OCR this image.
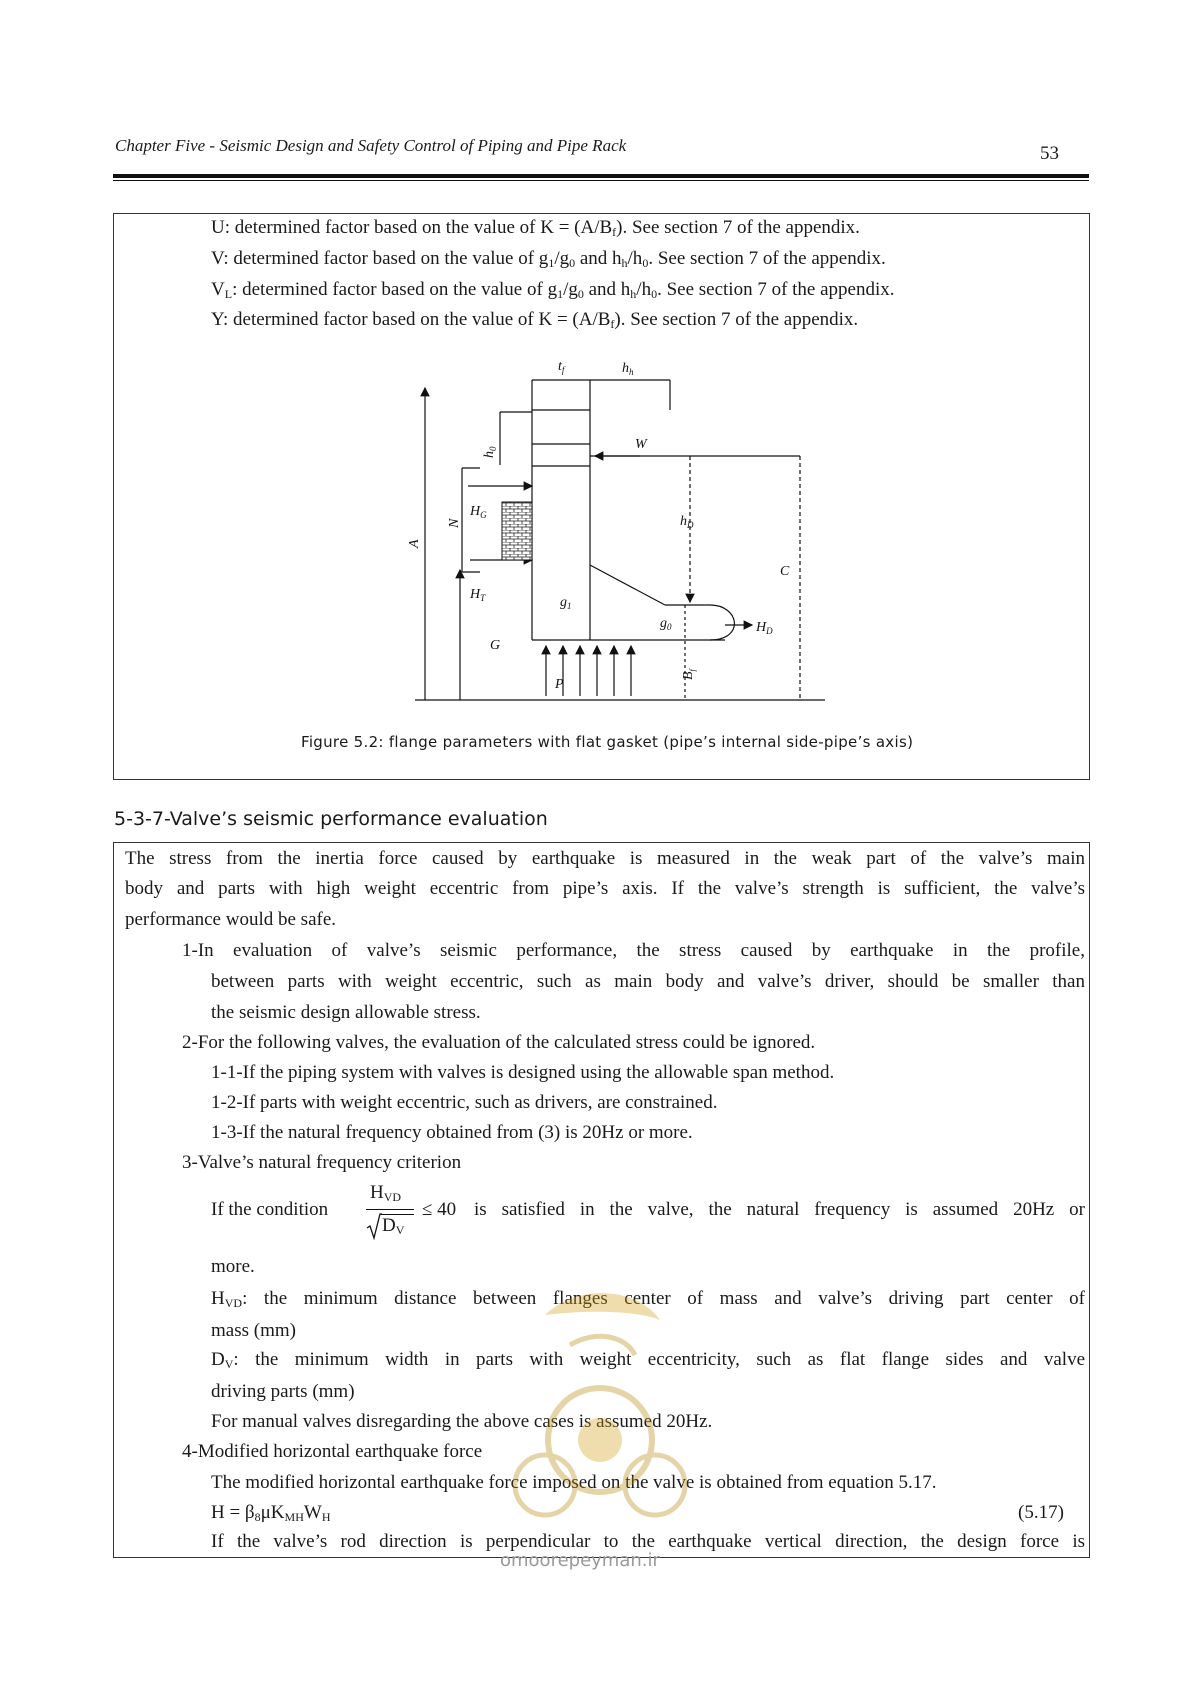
Chapter Five - Seismic Design and Safety Control of Piping and Pipe Rack	53
U: determined factor based on the value of $K = (A/B_f)$. See section 7 of the appendix.
V: determined factor based on the value of $g_1/g_0$ and $h_h/h_0$. See section 7 of the appendix.
$V_L$: determined factor based on the value of $g_1/g_0$ and $h_h/h_0$. See section 7 of the appendix.
Y: determined factor based on the value of $K = (A/B_f)$. See section 7 of the appendix.
$t_f$	$h_h$
W
$h_0$
$H_G$
N
A
$h_D$
C
$H_T$	$g_1$
$g_0$	$H_D$
G
P
$B_f$
Figure 5.2: flange parameters with flat gasket (pipe’s internal side-pipe’s axis)
5-3-7-Valve’s seismic performance evaluation
The stress from the inertia force caused by earthquake is measured in the weak part of the valve’s main
body and parts with high weight eccentric from pipe’s axis. If the valve’s strength is sufficient, the valve’s
performance would be safe.
1-In evaluation of valve’s seismic performance, the stress caused by earthquake in the profile,
between parts with weight eccentric, such as main body and valve’s driver, should be smaller than
the seismic design allowable stress.
2-For the following valves, the evaluation of the calculated stress could be ignored.
1-1-If the piping system with valves is designed using the allowable span method.
1-2-If parts with weight eccentric, such as drivers, are constrained.
1-3-If the natural frequency obtained from (3) is 20Hz or more.
3-Valve’s natural frequency criterion
If the condition
$H_{VD}$
$D_V$
≤ 40 is satisfied in the valve, the natural frequency is assumed 20Hz or
more.
$H_{VD}$: the minimum distance between flanges center of mass and valve’s driving part center of
mass (mm)
$D_V$: the minimum width in parts with weight eccentricity, such as flat flange sides and valve
driving parts (mm)
For manual valves disregarding the above cases is assumed 20Hz.
4-Modified horizontal earthquake force
The modified horizontal earthquake force imposed on the valve is obtained from equation 5.17.
$H = \beta_8\mu K_{MH}W_H$	(5.17)
If the valve’s rod direction is perpendicular to the earthquake vertical direction, the design force is
omoorepeyman.ir
